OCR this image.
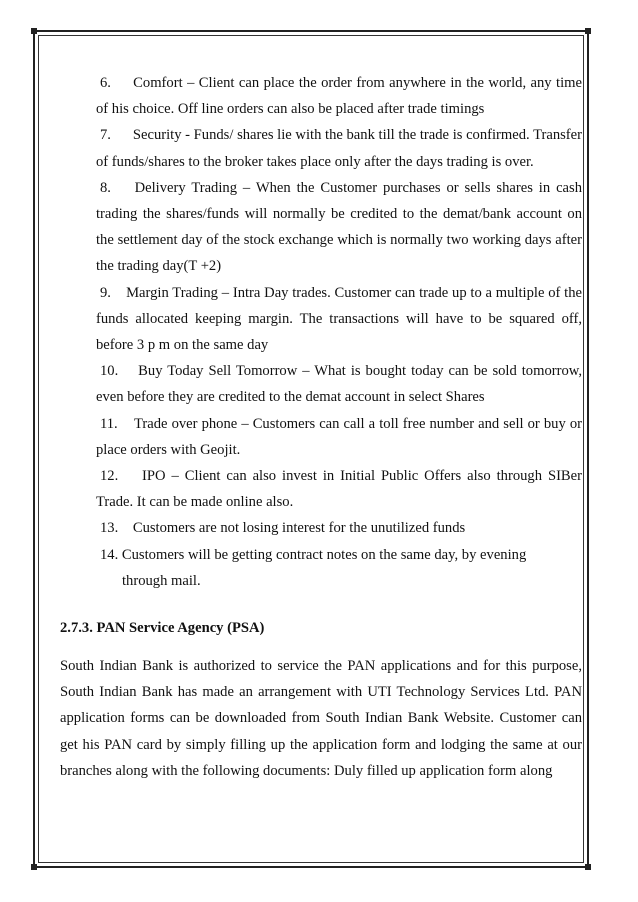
6. Comfort – Client can place the order from anywhere in the world, any time of his choice. Off line orders can also be placed after trade timings

7. Security - Funds/ shares lie with the bank till the trade is confirmed. Transfer of funds/shares to the broker takes place only after the days trading is over.

8. Delivery Trading – When the Customer purchases or sells shares in cash trading the shares/funds will normally be credited to the demat/bank account on the settlement day of the stock exchange which is normally two working days after the trading day(T +2)

9. Margin Trading – Intra Day trades. Customer can trade up to a multiple of the funds allocated keeping margin. The transactions will have to be squared off, before 3 p m on the same day

10. Buy Today Sell Tomorrow – What is bought today can be sold tomorrow, even before they are credited to the demat account in select Shares

11. Trade over phone – Customers can call a toll free number and sell or buy or place orders with Geojit.

12. IPO – Client can also invest in Initial Public Offers also through SIBer Trade. It can be made online also.

13. Customers are not losing interest for the unutilized funds

14. Customers will be getting contract notes on the same day, by evening
through mail.

2.7.3. PAN Service Agency (PSA)

South Indian Bank is authorized to service the PAN applications and for this purpose, South Indian Bank has made an arrangement with UTI Technology Services Ltd. PAN application forms can be downloaded from South Indian Bank Website. Customer can get his PAN card by simply filling up the application form and lodging the same at our branches along with the following documents: Duly filled up application form along
